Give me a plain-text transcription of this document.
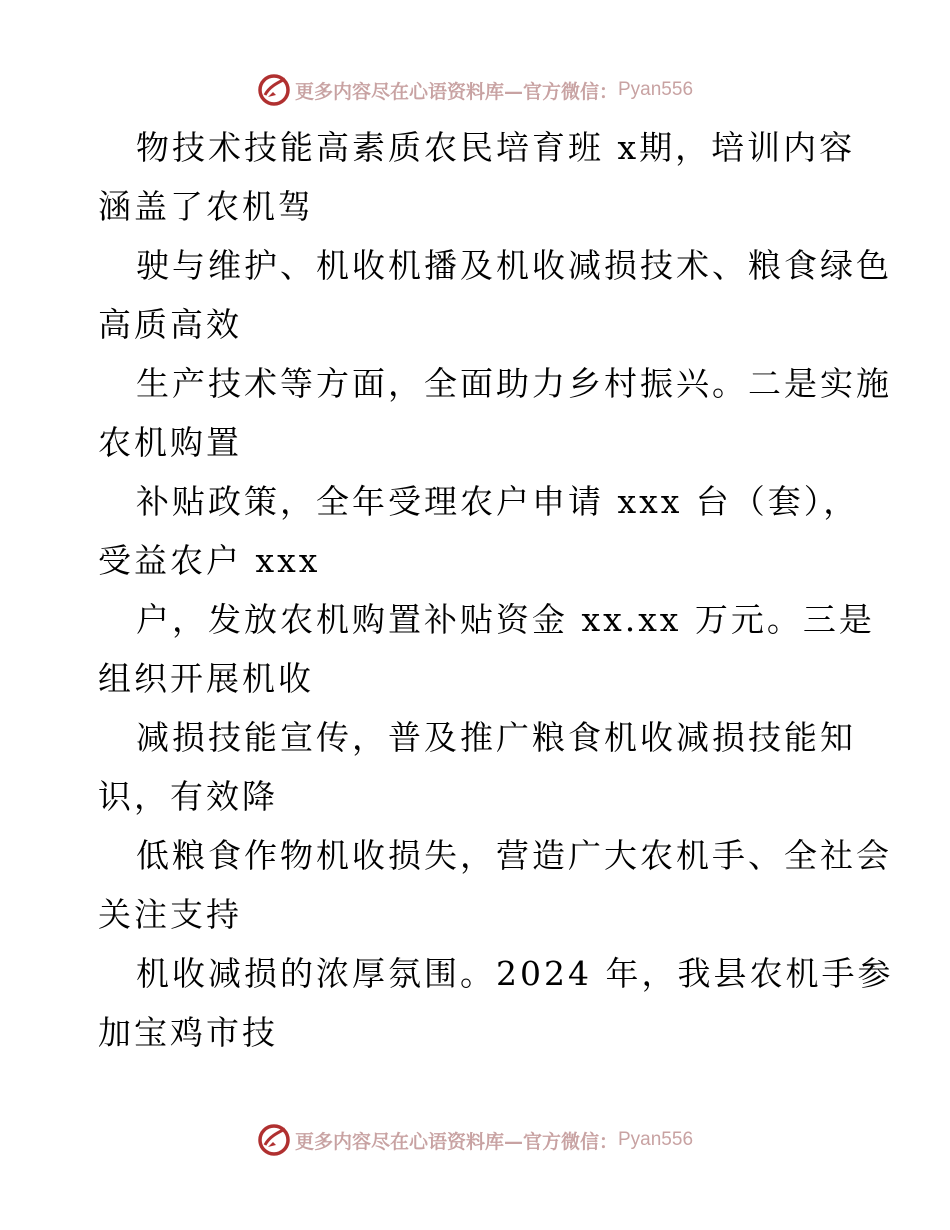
更多内容尽在心语资料库—官方微信： Pyan556
物技术技能高素质农民培育班 x期，培训内容
涵盖了农机驾
驶与维护、机收机播及机收减损技术、粮食绿色
高质高效
生产技术等方面，全面助力乡村振兴。二是实施
农机购置
补贴政策，全年受理农户申请 xxx 台（套），
受益农户 xxx
户，发放农机购置补贴资金 xx.xx 万元。三是
组织开展机收
减损技能宣传，普及推广粮食机收减损技能知
识，有效降
低粮食作物机收损失，营造广大农机手、全社会
关注支持
机收减损的浓厚氛围。2024 年，我县农机手参
加宝鸡市技
更多内容尽在心语资料库—官方微信： Pyan556
